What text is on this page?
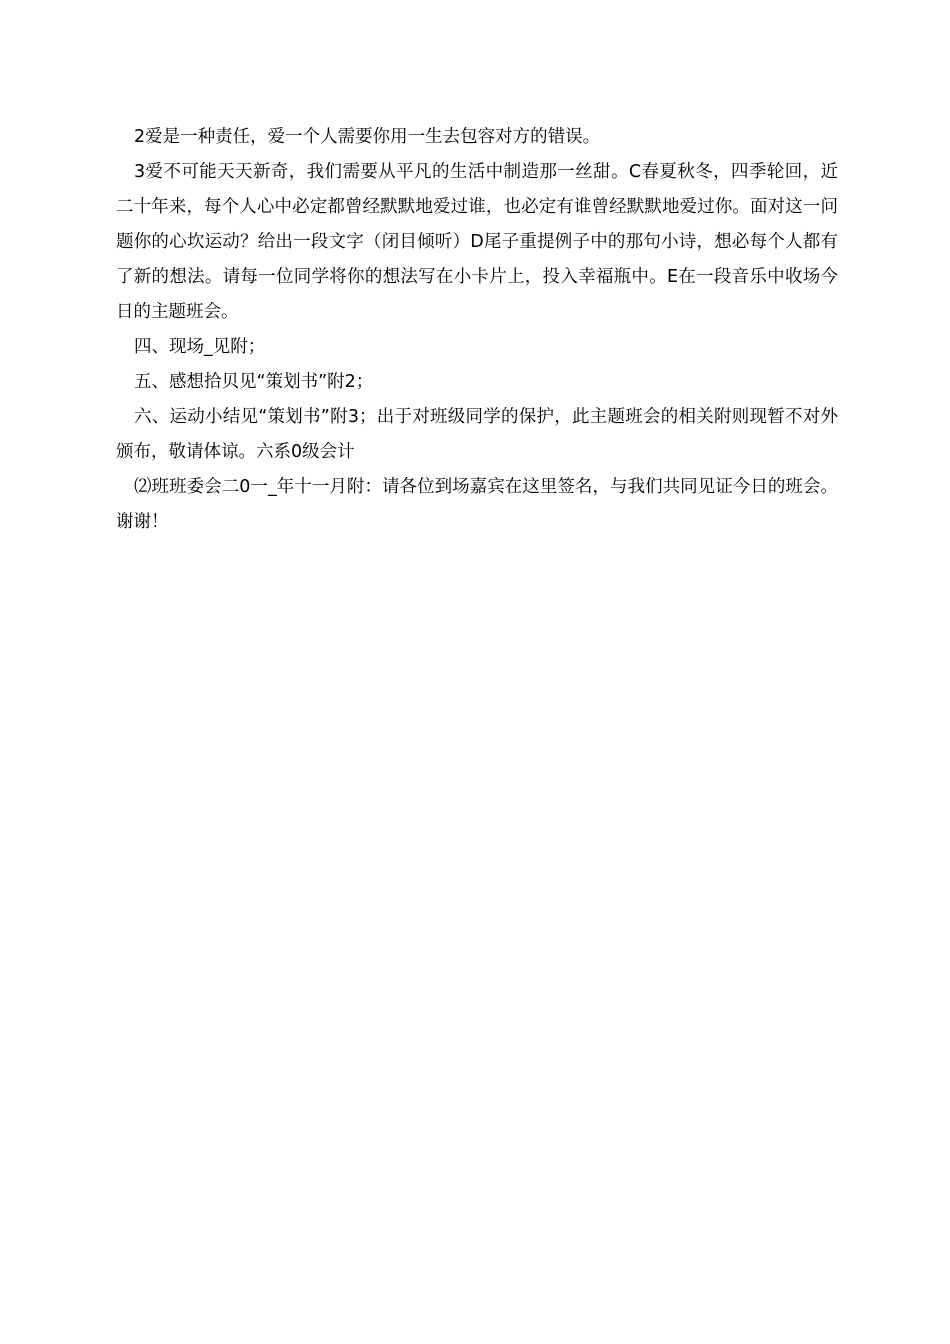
2爱是一种责任，爱一个人需要你用一生去包容对方的错误。

3爱不可能天天新奇，我们需要从平凡的生活中制造那一丝甜。C春夏秋冬，四季轮回，近二十年来，每个人心中必定都曾经默默地爱过谁，也必定有谁曾经默默地爱过你。面对这一问题你的心坎运动？给出一段文字（闭目倾听）D尾子重提例子中的那句小诗，想必每个人都有了新的想法。请每一位同学将你的想法写在小卡片上，投入幸福瓶中。E在一段音乐中收场今日的主题班会。

四、现场_见附；

五、感想拾贝见“策划书”附2；

六、运动小结见“策划书”附3；出于对班级同学的保护，此主题班会的相关附则现暂不对外颁布，敬请体谅。六系0级会计

⑵班班委会二0一_年十一月附：请各位到场嘉宾在这里签名，与我们共同见证今日的班会。谢谢！
